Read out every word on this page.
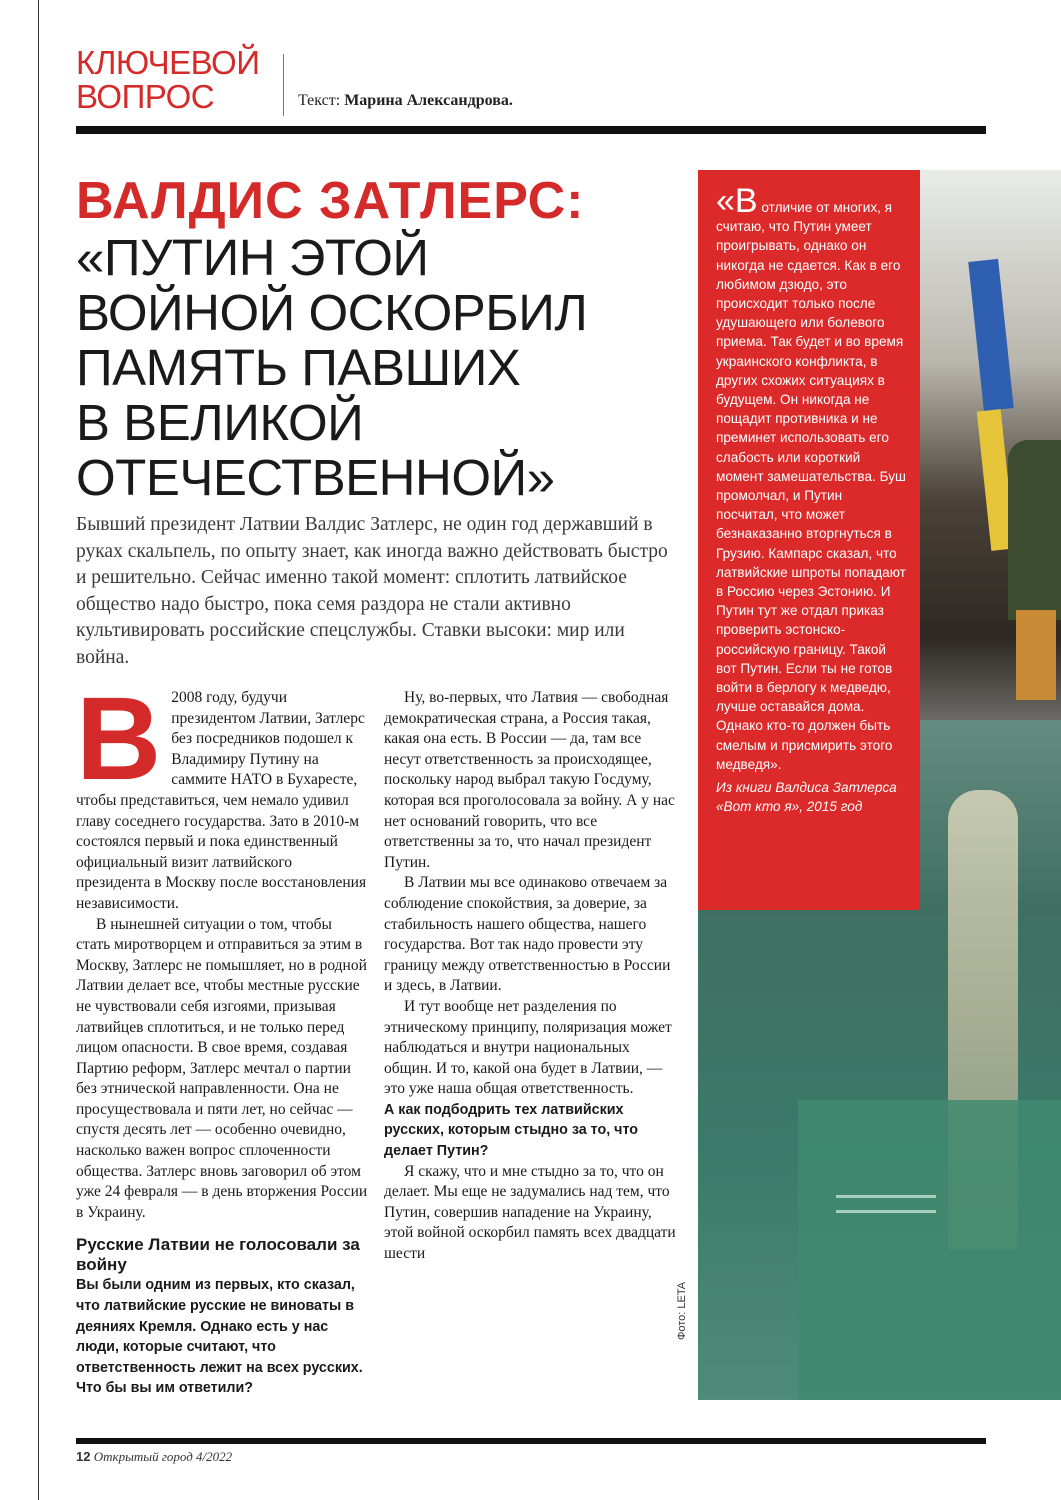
КЛЮЧЕВОЙ
ВОПРОС	Текст: Марина Александрова.
ВАЛДИС ЗАТЛЕРС:
«ПУТИН ЭТОЙ
ВОЙНОЙ ОСКОРБИЛ
ПАМЯТЬ ПАВШИХ
В ВЕЛИКОЙ
ОТЕЧЕСТВЕННОЙ»
Бывший президент Латвии Валдис Затлерс, не один год державший в руках скальпель, по опыту знает, как иногда важно действовать быстро и решительно. Сейчас именно такой момент: сплотить латвийское общество надо быстро, пока семя раздора не стали активно культивировать российские спецслужбы. Ставки высоки: мир или война.
В 2008 году, будучи президентом Латвии, Затлерс без посредников подошел к Владимиру Путину на саммите НАТО в Бухаресте, чтобы представиться, чем немало удивил главу соседнего государства. Зато в 2010-м состоялся первый и пока единственный официальный визит латвийского президента в Москву после восстановления независимости.

В нынешней ситуации о том, чтобы стать миротворцем и отправиться за этим в Москву, Затлерс не помышляет, но в родной Латвии делает все, чтобы местные русские не чувствовали себя изгоями, призывая латвийцев сплотиться, и не только перед лицом опасности. В свое время, создавая Партию реформ, Затлерс мечтал о партии без этнической направленности. Она не просуществовала и пяти лет, но сейчас — спустя десять лет — особенно очевидно, насколько важен вопрос сплоченности общества. Затлерс вновь заговорил об этом уже 24 февраля — в день вторжения России в Украину.

Русские Латвии не голосовали за войну
Вы были одним из первых, кто сказал, что латвийские русские не виноваты в деяниях Кремля. Однако есть у нас люди, которые считают, что ответственность лежит на всех русских. Что бы вы им ответили?

Ну, во-первых, что Латвия — свободная демократическая страна, а Россия такая, какая она есть. В России — да, там все несут ответственность за происходящее, поскольку народ выбрал такую Госдуму, которая вся проголосовала за войну. А у нас нет оснований говорить, что все ответственны за то, что начал президент Путин.

В Латвии мы все одинаково отвечаем за соблюдение спокойствия, за доверие, за стабильность нашего общества, нашего государства. Вот так надо провести эту границу между ответственностью в России и здесь, в Латвии.

И тут вообще нет разделения по этническому принципу, поляризация может наблюдаться и внутри национальных общин. И то, какой она будет в Латвии, — это уже наша общая ответственность.

А как подбодрить тех латвийских русских, которым стыдно за то, что делает Путин?

Я скажу, что и мне стыдно за то, что он делает. Мы еще не задумались над тем, что Путин, совершив нападение на Украину, этой войной оскорбил память всех двадцати шести

«В отличие от многих, я считаю, что Путин умеет проигрывать, однако он никогда не сдается. Как в его любимом дзюдо, это происходит только после удушающего или болевого приема. Так будет и во время украинского конфликта, в других схожих ситуациях в будущем. Он никогда не пощадит противника и не преминет использовать его слабость или короткий момент замешательства. Буш промолчал, и Путин посчитал, что может безнаказанно вторгнуться в Грузию. Кампарс сказал, что латвийские шпроты попадают в Россию через Эстонию. И Путин тут же отдал приказ проверить эстонско-российскую границу. Такой вот Путин. Если ты не готов войти в берлогу к медведю, лучше оставайся дома. Однако кто-то должен быть смелым и присмирить этого медведя».
Из книги Валдиса Затлерса «Вот кто я», 2015 год
Фото: LETA
12 Открытый город 4/2022
